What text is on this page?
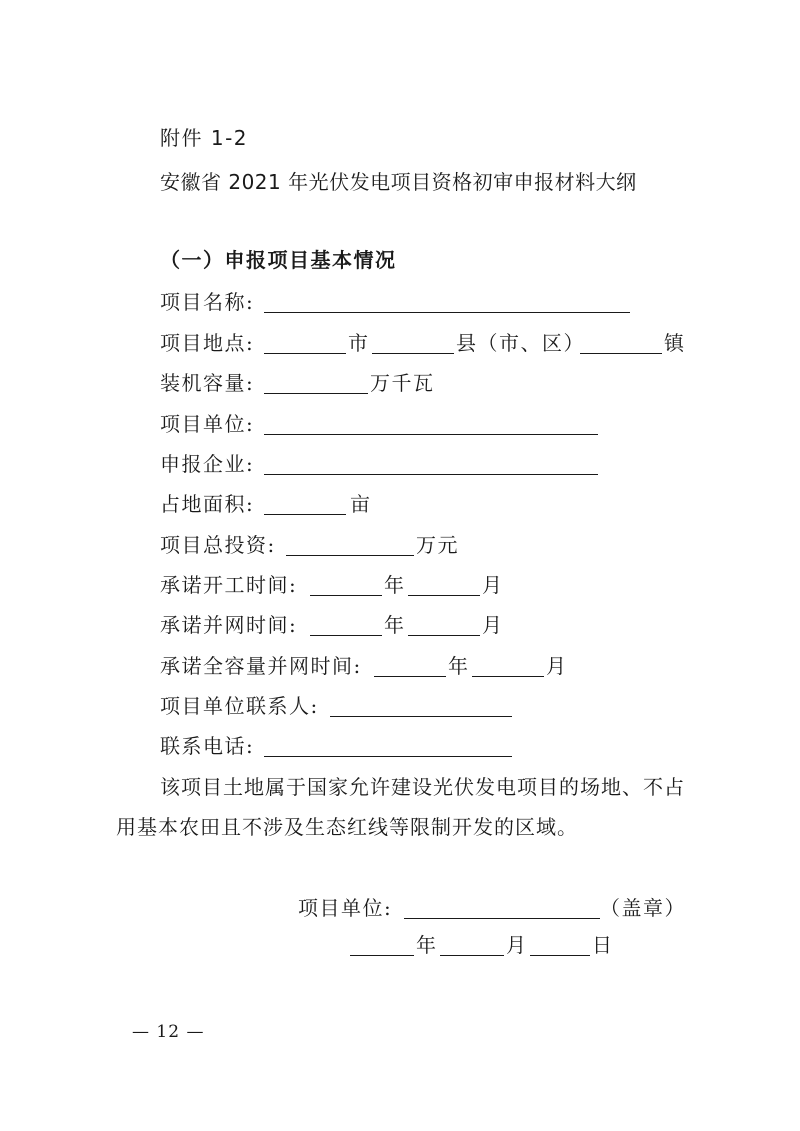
附件 1-2
安徽省 2021 年光伏发电项目资格初审申报材料大纲
（一）申报项目基本情况
项目名称:
项目地点:	市	县（市、区）	镇
装机容量:	万千瓦
项目单位:
申报企业:
占地面积:	亩
项目总投资:	万元
承诺开工时间:	年	月
承诺并网时间:	年	月
承诺全容量并网时间:	年	月
项目单位联系人:
联系电话:
该项目土地属于国家允许建设光伏发电项目的场地、不占
用基本农田且不涉及生态红线等限制开发的区域。
项目单位:	（盖章）
年	月	日
— 12 —
